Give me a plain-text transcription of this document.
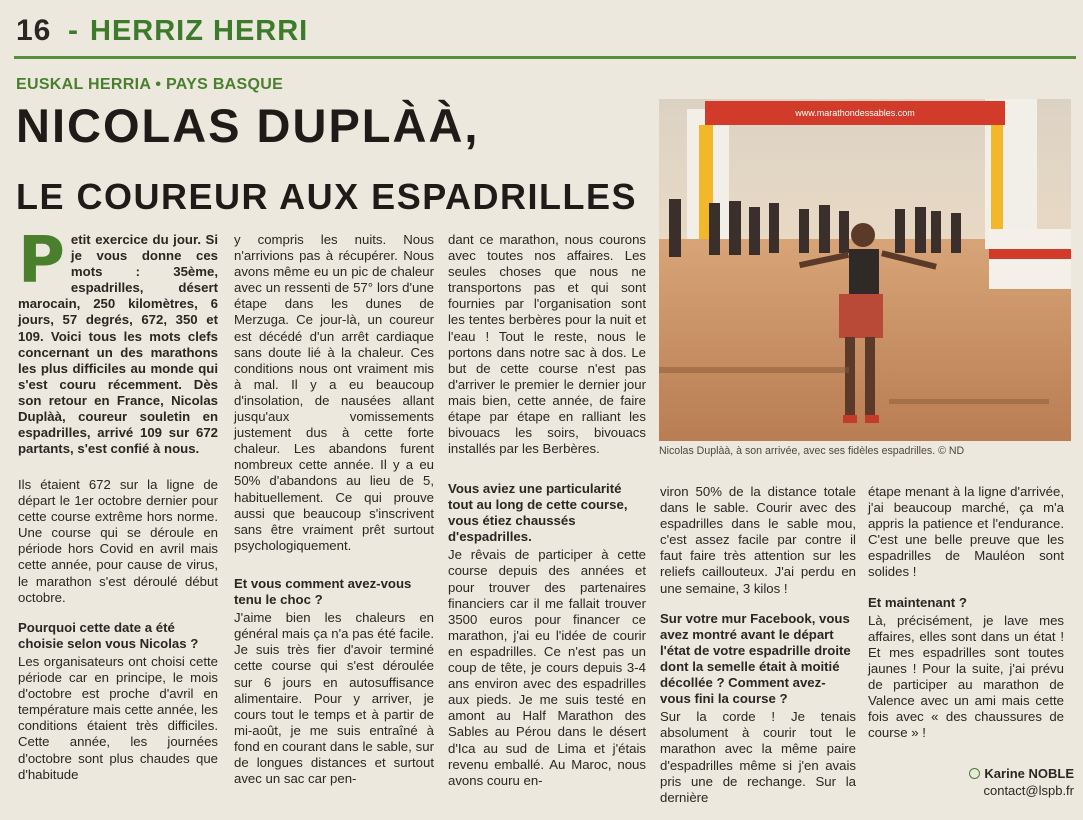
16 - HERRIZ HERRI
EUSKAL HERRIA • PAYS BASQUE
NICOLAS DUPLÀÀ,
LE COUREUR AUX ESPADRILLES
Petit exercice du jour. Si je vous donne ces mots : 35ème, espadrilles, désert marocain, 250 kilomètres, 6 jours, 57 degrés, 672, 350 et 109. Voici tous les mots clefs concernant un des marathons les plus difficiles au monde qui s'est couru récemment. Dès son retour en France, Nicolas Duplàà, coureur souletin en espadrilles, arrivé 109 sur 672 partants, s'est confié à nous.
y compris les nuits. Nous n'arrivions pas à récupérer. Nous avons même eu un pic de chaleur avec un ressenti de 57° lors d'une étape dans les dunes de Merzuga. Ce jour-là, un coureur est décédé d'un arrêt cardiaque sans doute lié à la chaleur. Ces conditions nous ont vraiment mis à mal. Il y a eu beaucoup d'insolation, de nausées allant jusqu'aux vomissements justement dus à cette forte chaleur. Les abandons furent nombreux cette année. Il y a eu 50% d'abandons au lieu de 5, habituellement. Ce qui prouve aussi que beaucoup s'inscrivent sans être vraiment prêt surtout psychologiquement.
dant ce marathon, nous courons avec toutes nos affaires. Les seules choses que nous ne transportons pas et qui sont fournies par l'organisation sont les tentes berbères pour la nuit et l'eau ! Tout le reste, nous le portons dans notre sac à dos. Le but de cette course n'est pas d'arriver le premier le dernier jour mais bien, cette année, de faire étape par étape en ralliant les bivouacs les soirs, bivouacs installés par les Berbères.

Ils étaient 672 sur la ligne de départ le 1er octobre dernier pour cette course extrême hors norme. Une course qui se déroule en période hors Covid en avril mais cette année, pour cause de virus, le marathon s'est déroulé début octobre.

Pourquoi cette date a été choisie selon vous Nicolas ?

Les organisateurs ont choisi cette période car en principe, le mois d'octobre est proche d'avril en température mais cette année, les conditions étaient très difficiles. Cette année, les journées d'octobre sont plus chaudes que d'habitude

Et vous comment avez-vous tenu le choc ?

J'aime bien les chaleurs en général mais ça n'a pas été facile. Je suis très fier d'avoir terminé cette course qui s'est déroulée sur 6 jours en autosuffisance alimentaire. Pour y arriver, je cours tout le temps et à partir de mi-août, je me suis entraîné à fond en courant dans le sable, sur de longues distances et surtout avec un sac car pen-

Vous aviez une particularité tout au long de cette course, vous étiez chaussés d'espadrilles.

Je rêvais de participer à cette course depuis des années et pour trouver des partenaires financiers car il me fallait trouver 3500 euros pour financer ce marathon, j'ai eu l'idée de courir en espadrilles. Ce n'est pas un coup de tête, je cours depuis 3-4 ans environ avec des espadrilles aux pieds. Je me suis testé en amont au Half Marathon des Sables au Pérou dans le désert d'Ica au sud de Lima et j'étais revenu emballé. Au Maroc, nous avons couru en-

viron 50% de la distance totale dans le sable. Courir avec des espadrilles dans le sable mou, c'est assez facile par contre il faut faire très attention sur les reliefs caillouteux. J'ai perdu en une semaine, 3 kilos !

Sur votre mur Facebook, vous avez montré avant le départ l'état de votre espadrille droite dont la semelle était à moitié décollée ? Comment avez-vous fini la course ?

Sur la corde ! Je tenais absolument à courir tout le marathon avec la même paire d'espadrilles même si j'en avais pris une de rechange. Sur la dernière

étape menant à la ligne d'arrivée, j'ai beaucoup marché, ça m'a appris la patience et l'endurance. C'est une belle preuve que les espadrilles de Mauléon sont solides !

Et maintenant ?

Là, précisément, je lave mes affaires, elles sont dans un état ! Et mes espadrilles sont toutes jaunes ! Pour la suite, j'ai prévu de participer au marathon de Valence avec un ami mais cette fois avec « des chaussures de course » !

www.marathondessables.com
Nicolas Duplàà, à son arrivée, avec ses fidèles espadrilles. © ND
Karine NOBLE
contact@lspb.fr
